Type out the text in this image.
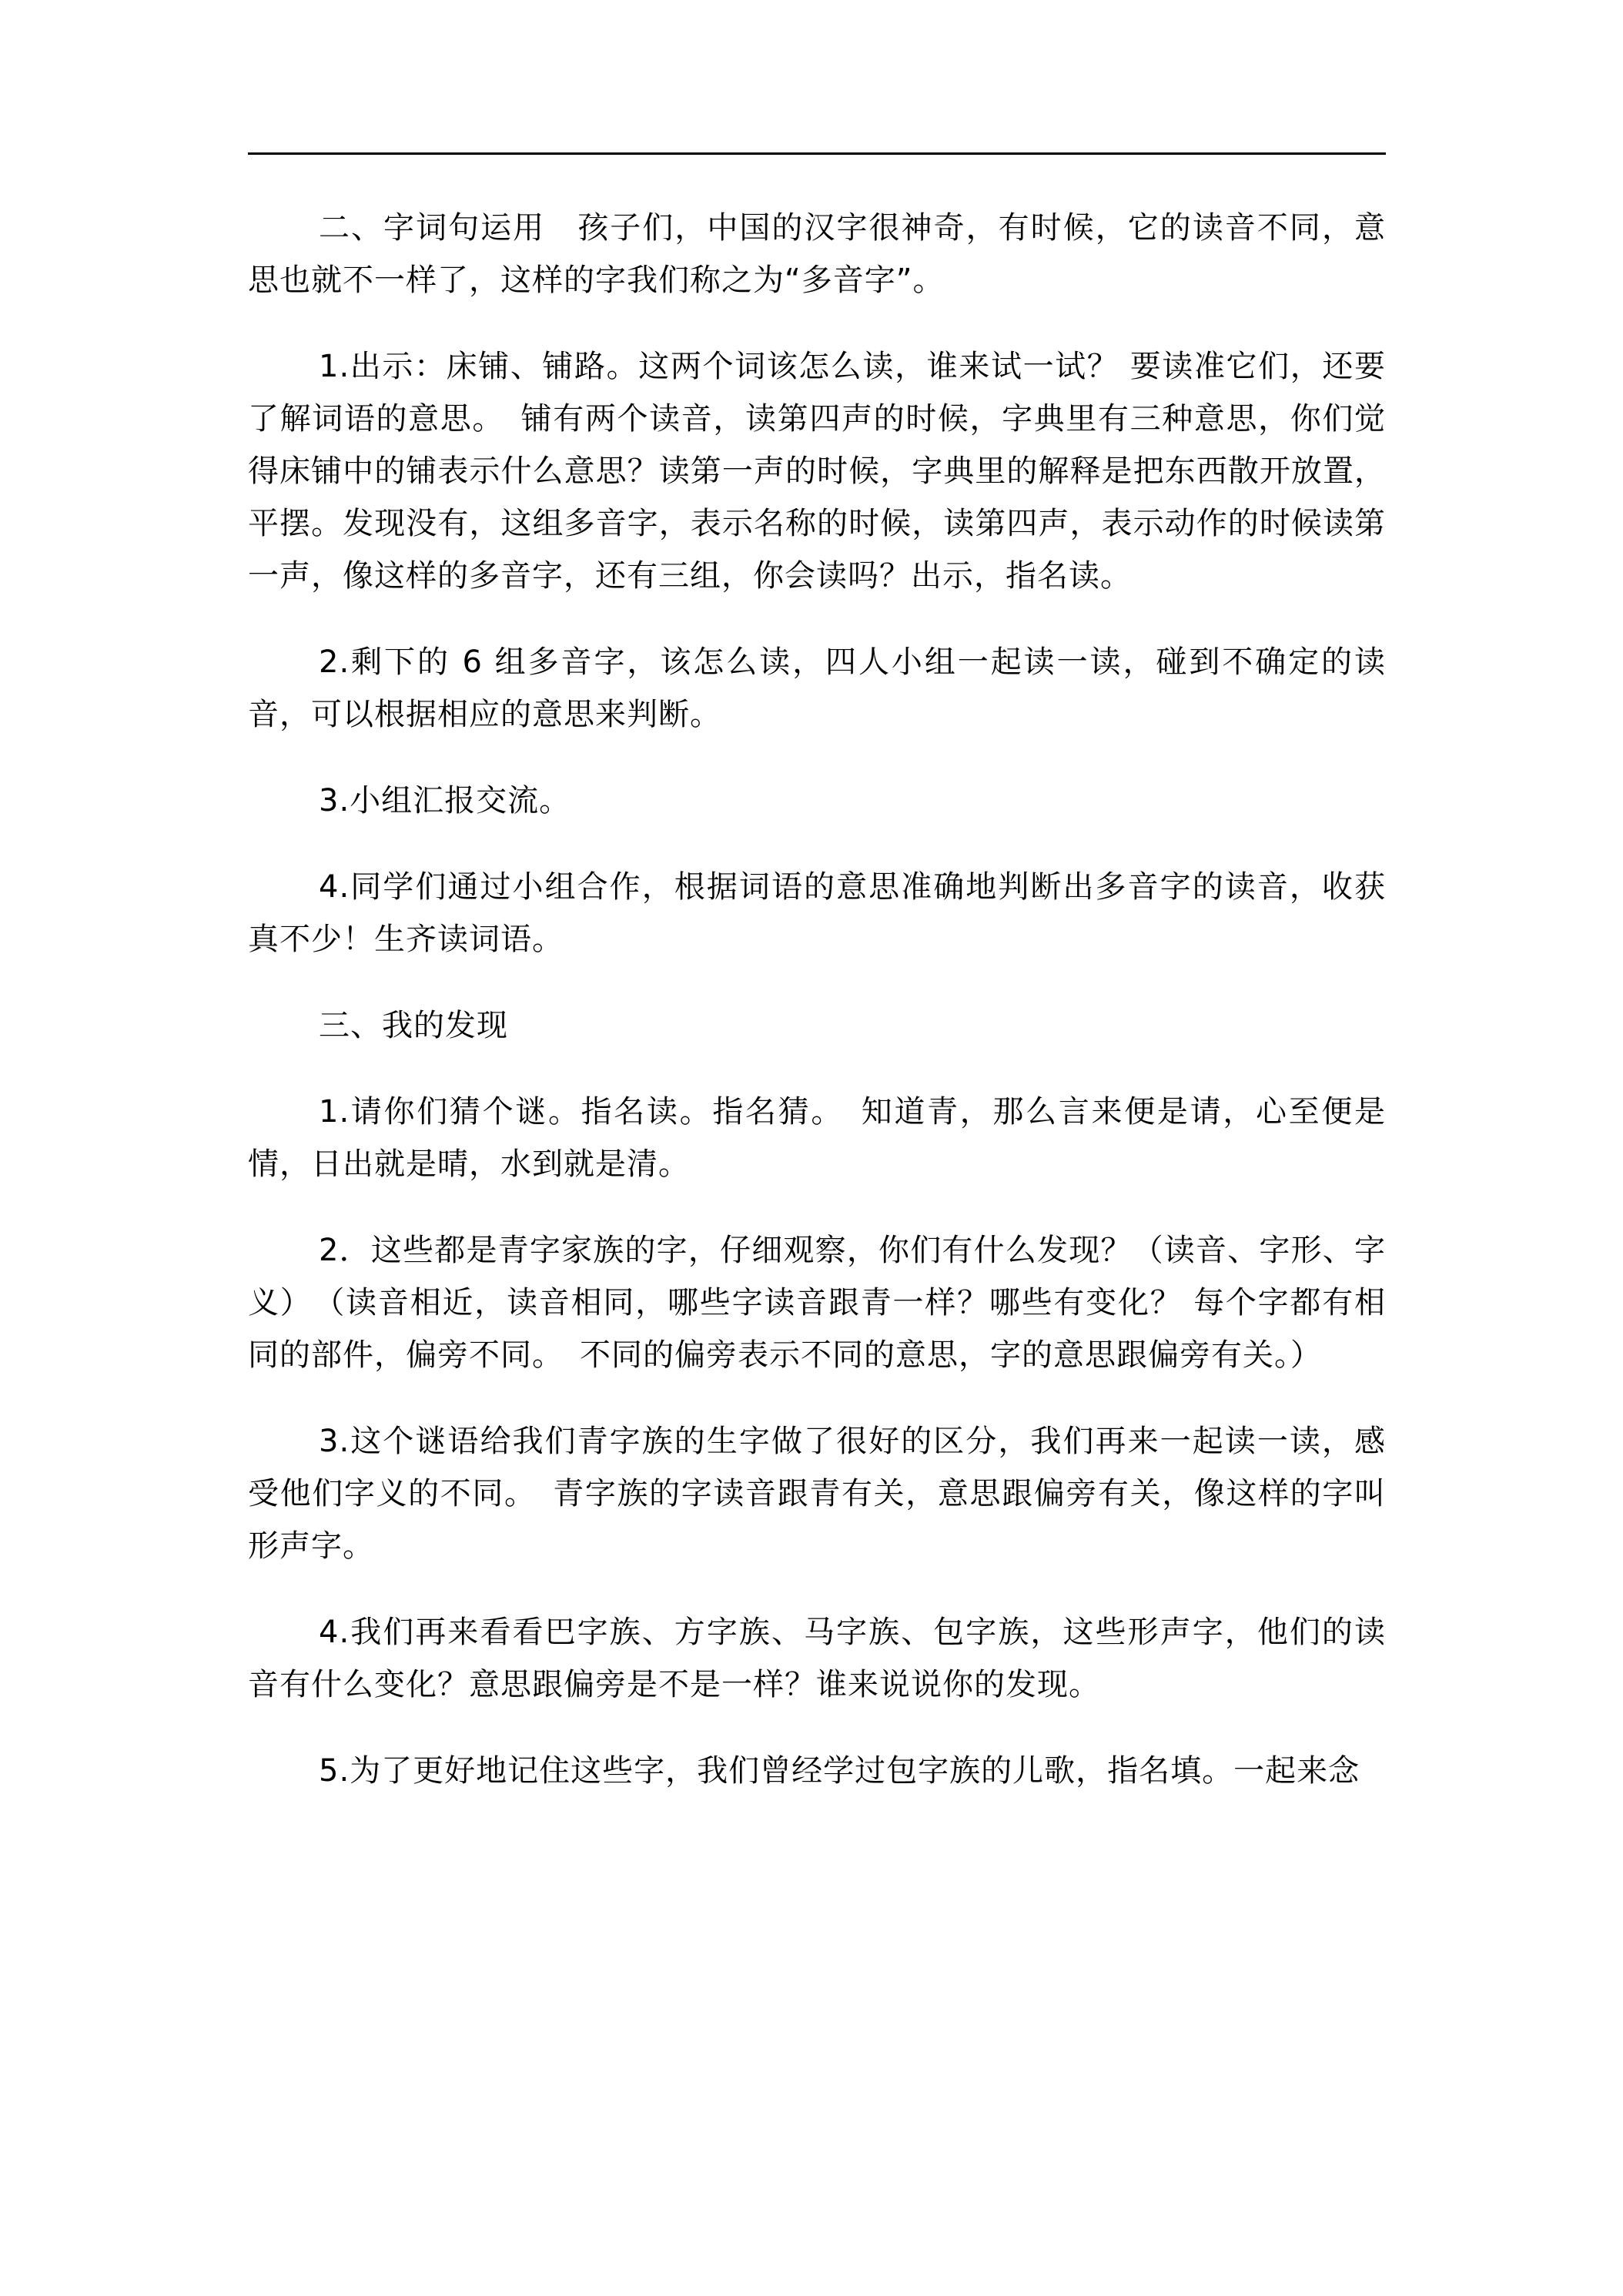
二、字词句运用　孩子们，中国的汉字很神奇，有时候，它的读音不同，意思也就不一样了，这样的字我们称之为“多音字”。

1.出示：床铺、铺路。这两个词该怎么读，谁来试一试？ 要读准它们，还要了解词语的意思。　铺有两个读音，读第四声的时候，字典里有三种意思，你们觉得床铺中的铺表示什么意思？读第一声的时候，字典里的解释是把东西散开放置，平摆。发现没有，这组多音字，表示名称的时候，读第四声，表示动作的时候读第一声，像这样的多音字，还有三组，你会读吗？出示，指名读。

2.剩下的 6 组多音字，该怎么读，四人小组一起读一读，碰到不确定的读音，可以根据相应的意思来判断。

3.小组汇报交流。

4.同学们通过小组合作，根据词语的意思准确地判断出多音字的读音，收获真不少！生齐读词语。

三、我的发现

1.请你们猜个谜。指名读。指名猜。　知道青，那么言来便是请，心至便是情，日出就是晴，水到就是清。

2．这些都是青字家族的字，仔细观察，你们有什么发现？（读音、字形、字义）　（读音相近，读音相同，哪些字读音跟青一样？哪些有变化？ 每个字都有相同的部件，偏旁不同。　不同的偏旁表示不同的意思，字的意思跟偏旁有关。）

3.这个谜语给我们青字族的生字做了很好的区分，我们再来一起读一读，感受他们字义的不同。　青字族的字读音跟青有关，意思跟偏旁有关，像这样的字叫形声字。

4.我们再来看看巴字族、方字族、马字族、包字族，这些形声字，他们的读音有什么变化？意思跟偏旁是不是一样？谁来说说你的发现。

5.为了更好地记住这些字，我们曾经学过包字族的儿歌，指名填。一起来念
